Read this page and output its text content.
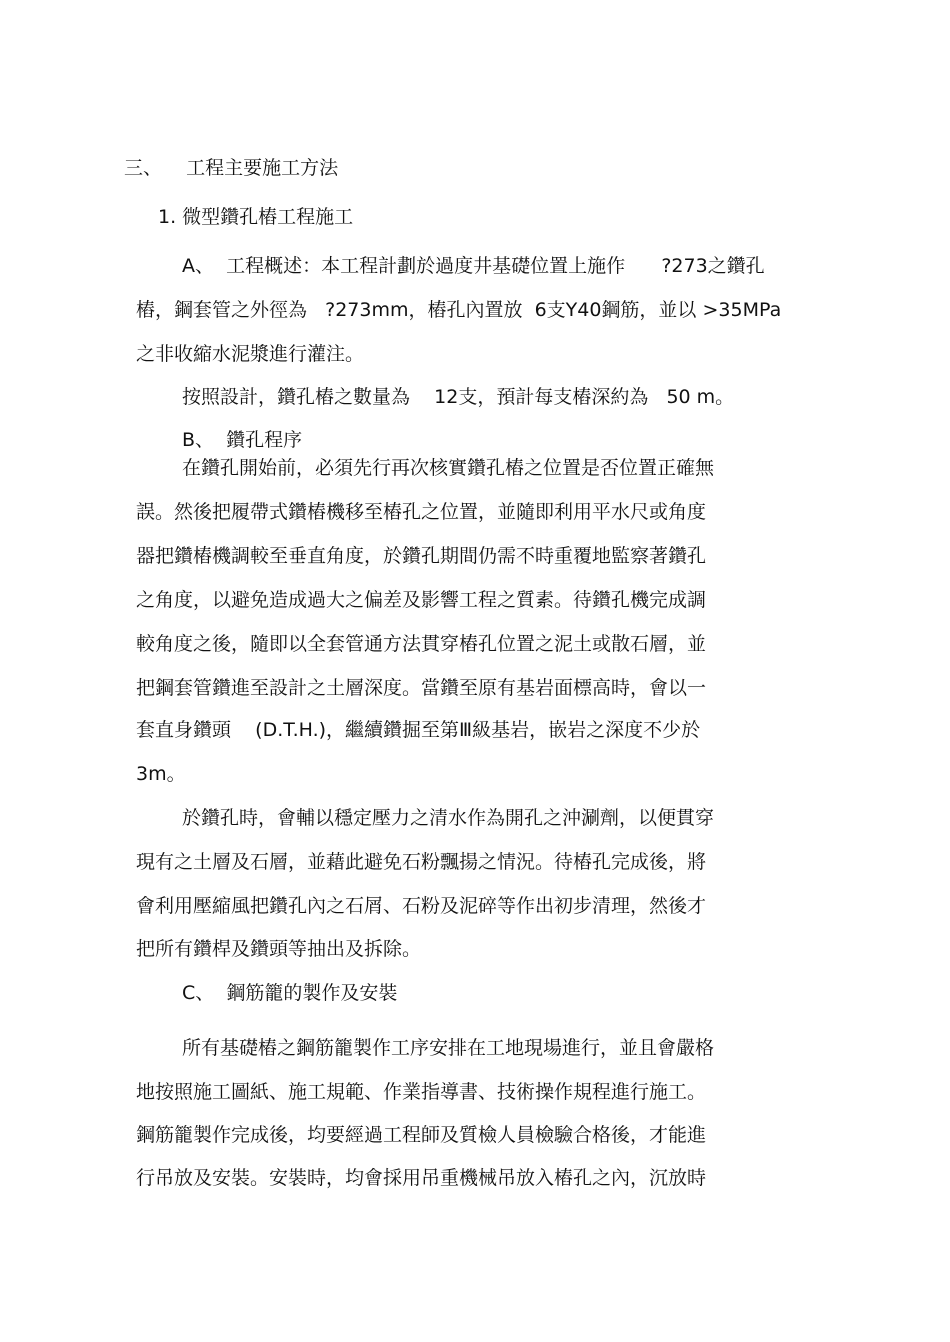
三、    工程主要施工方法

1. 微型鑽孔樁工程施工

A、  工程概述：本工程計劃於過度井基礎位置上施作      ?273之鑽孔

樁，鋼套管之外徑為   ?273mm，樁孔內置放  6支Y40鋼筋，並以 >35MPa

之非收縮水泥漿進行灌注。

按照設計，鑽孔樁之數量為    12支，預計每支樁深約為   50 m。

B、  鑽孔程序

在鑽孔開始前，必須先行再次核實鑽孔樁之位置是否位置正確無

誤。然後把履帶式鑽樁機移至樁孔之位置，並隨即利用平水尺或角度

器把鑽樁機調較至垂直角度，於鑽孔期間仍需不時重覆地監察著鑽孔

之角度，以避免造成過大之偏差及影響工程之質素。待鑽孔機完成調

較角度之後，隨即以全套管通方法貫穿樁孔位置之泥土或散石層，並

把鋼套管鑽進至設計之土層深度。當鑽至原有基岩面標高時，會以一

套直身鑽頭    (D.T.H.)，繼續鑽掘至第Ⅲ級基岩，嵌岩之深度不少於

3m。

於鑽孔時，會輔以穩定壓力之清水作為開孔之沖涮劑，以便貫穿

現有之土層及石層，並藉此避免石粉飄揚之情況。待樁孔完成後，將

會利用壓縮風把鑽孔內之石屑、石粉及泥碎等作出初步清理，然後才

把所有鑽桿及鑽頭等抽出及拆除。

C、  鋼筋籠的製作及安裝

所有基礎樁之鋼筋籠製作工序安排在工地現場進行，並且會嚴格

地按照施工圖紙、施工規範、作業指導書、技術操作規程進行施工。

鋼筋籠製作完成後，均要經過工程師及質檢人員檢驗合格後，才能進

行吊放及安裝。安裝時，均會採用吊重機械吊放入樁孔之內，沉放時
